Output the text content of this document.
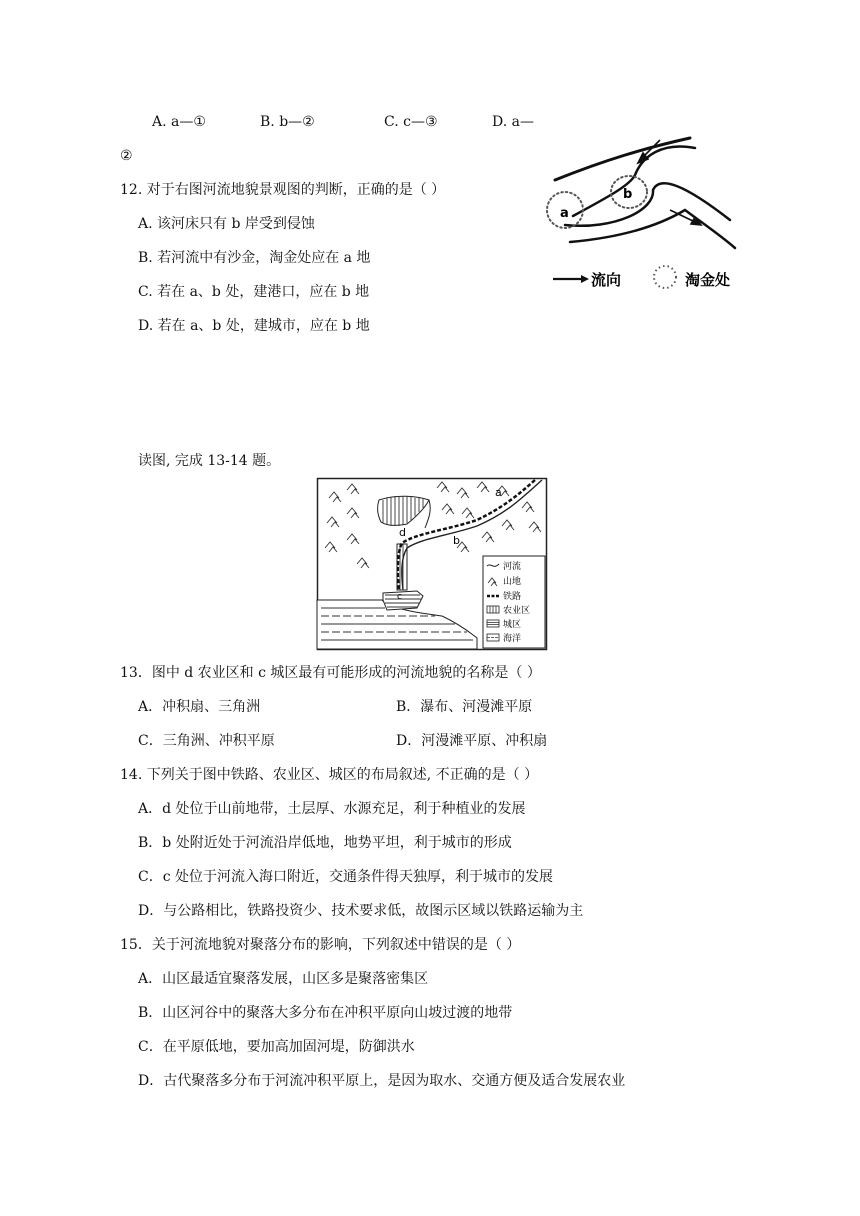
A. a—①	B. b—②	C. c—③	D. a—
②
12. 对于右图河流地貌景观图的判断，正确的是（ ）
A. 该河床只有 b 岸受到侵蚀
B. 若河流中有沙金，淘金处应在 a 地
C. 若在 a、b 处，建港口，应在 b 地
D. 若在 a、b 处，建城市，应在 b 地
a
b
流向	淘金处
读图, 完成 13-14 题。
a
b
c
d
河流
山地
铁路
农业区
城区
海洋
13．图中 d 农业区和 c 城区最有可能形成的河流地貌的名称是（ ）
A．冲积扇、三角洲	B．瀑布、河漫滩平原
C．三角洲、冲积平原	D．河漫滩平原、冲积扇
14. 下列关于图中铁路、农业区、城区的布局叙述, 不正确的是（ ）
A．d 处位于山前地带，土层厚、水源充足，利于种植业的发展
B．b 处附近处于河流沿岸低地，地势平坦，利于城市的形成
C．c 处位于河流入海口附近，交通条件得天独厚，利于城市的发展
D．与公路相比，铁路投资少、技术要求低，故图示区域以铁路运输为主
15．关于河流地貌对聚落分布的影响，下列叙述中错误的是（ ）
A．山区最适宜聚落发展，山区多是聚落密集区
B．山区河谷中的聚落大多分布在冲积平原向山坡过渡的地带
C．在平原低地，要加高加固河堤，防御洪水
D．古代聚落多分布于河流冲积平原上，是因为取水、交通方便及适合发展农业
